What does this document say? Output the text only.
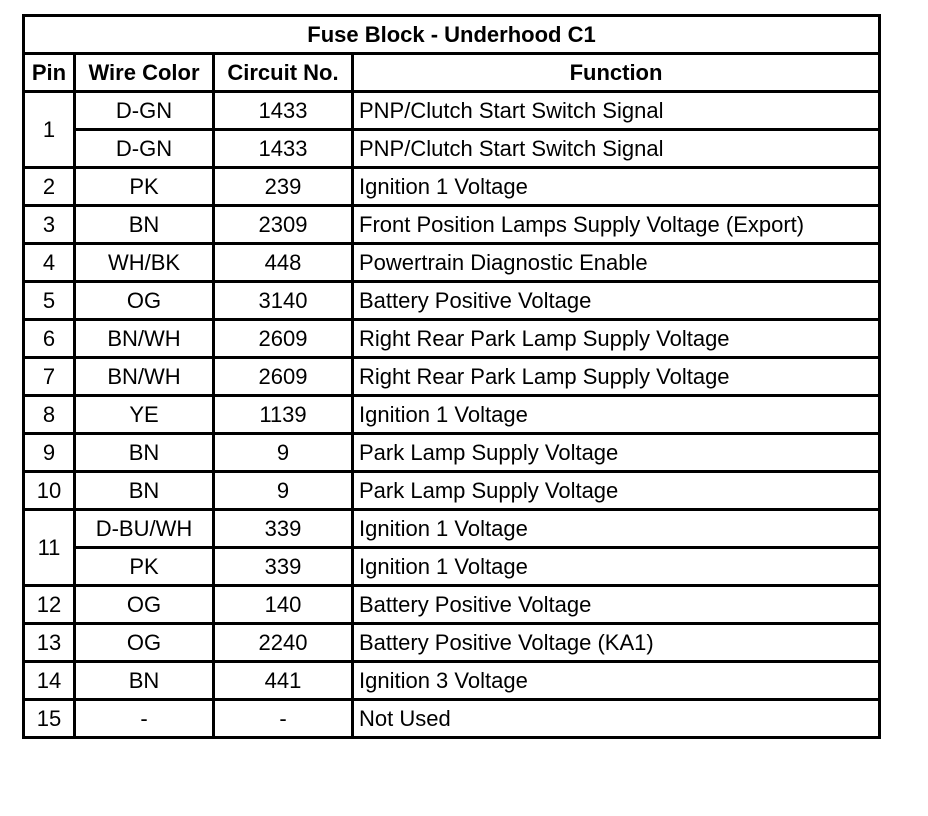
Fuse Block - Underhood C1			
Pin	Wire Color	Circuit No.	Function
1	D-GN	1433	PNP/Clutch Start Switch Signal
	D-GN	1433	PNP/Clutch Start Switch Signal
2	PK	239	Ignition 1 Voltage
3	BN	2309	Front Position Lamps Supply Voltage (Export)
4	WH/BK	448	Powertrain Diagnostic Enable
5	OG	3140	Battery Positive Voltage
6	BN/WH	2609	Right Rear Park Lamp Supply Voltage
7	BN/WH	2609	Right Rear Park Lamp Supply Voltage
8	YE	1139	Ignition 1 Voltage
9	BN	9	Park Lamp Supply Voltage
10	BN	9	Park Lamp Supply Voltage
11	D-BU/WH	339	Ignition 1 Voltage
	PK	339	Ignition 1 Voltage
12	OG	140	Battery Positive Voltage
13	OG	2240	Battery Positive Voltage (KA1)
14	BN	441	Ignition 3 Voltage
15	-	-	Not Used
